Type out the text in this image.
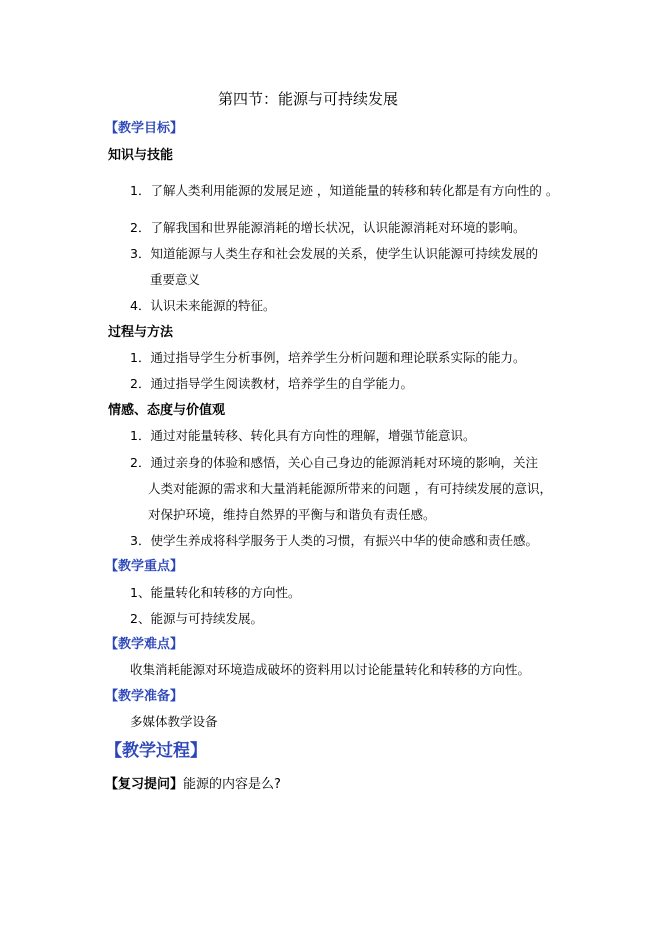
第四节：能源与可持续发展
【教学目标】
知识与技能
1．了解人类利用能源的发展足迹 ，知道能量的转移和转化都是有方向性的 。
2．了解我国和世界能源消耗的增长状况，认识能源消耗对环境的影响。
3．知道能源与人类生存和社会发展的关系，使学生认识能源可持续发展的
重要意义
4．认识未来能源的特征。
过程与方法
1．通过指导学生分析事例，培养学生分析问题和理论联系实际的能力。
2．通过指导学生阅读教材，培养学生的自学能力。
情感、态度与价值观
1．通过对能量转移、转化具有方向性的理解，增强节能意识。
2．通过亲身的体验和感悟，关心自己身边的能源消耗对环境的影响，关注
人类对能源的需求和大量消耗能源所带来的问题 ，有可持续发展的意识，
对保护环境，维持自然界的平衡与和谐负有责任感。
3．使学生养成将科学服务于人类的习惯，有振兴中华的使命感和责任感。
【教学重点】
1、能量转化和转移的方向性。
2、能源与可持续发展。
【教学难点】
收集消耗能源对环境造成破坏的资料用以讨论能量转化和转移的方向性。
【教学准备】
多媒体教学设备
【教学过程】
【复习提问】能源的内容是么?
